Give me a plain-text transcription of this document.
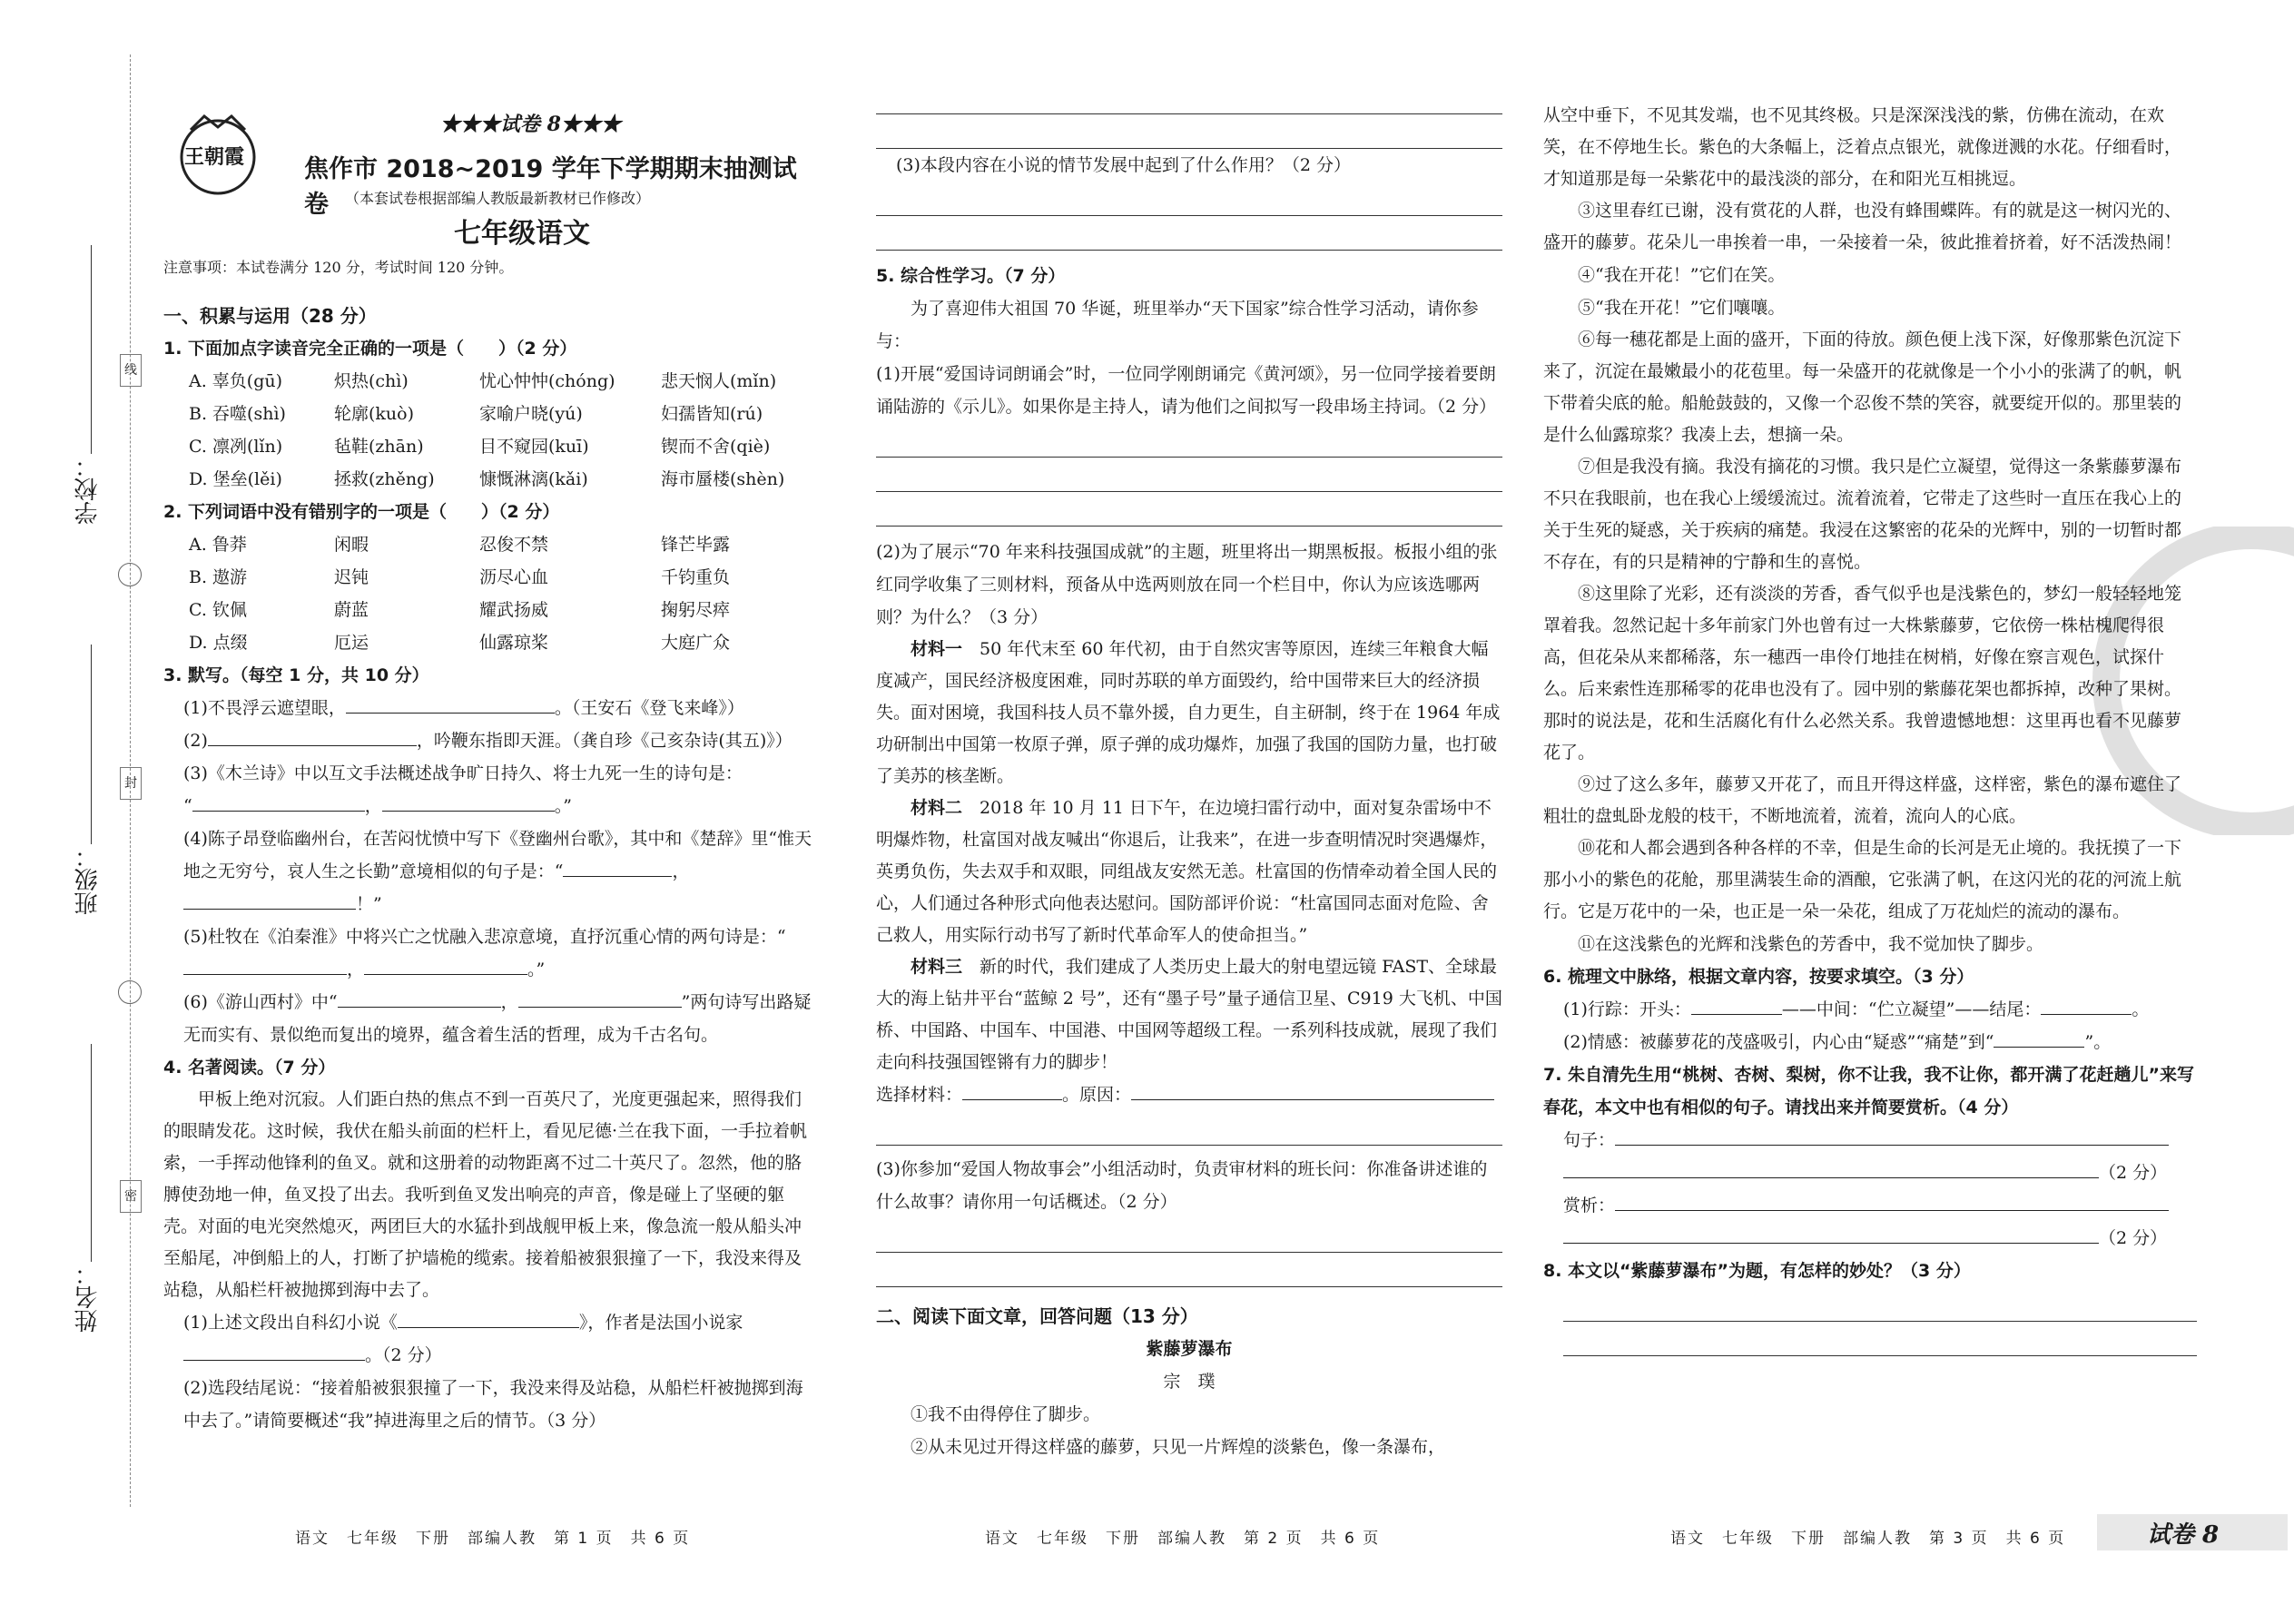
学校：
班级：
姓名：
线
封
密
王朝霞
★★★试卷 8★★★
焦作市 2018~2019 学年下学期期末抽测试卷	（本套试卷根据部编人教版最新教材已作修改）
七年级语文
注意事项：本试卷满分 120 分，考试时间 120 分钟。
一、积累与运用（28 分）
1. 下面加点字读音完全正确的一项是（　　）（2 分）
A. 辜负(gū)	炽热(chì)	忧心忡忡(chóng)	悲天悯人(mǐn)
B. 吞噬(shì)	轮廓(kuò)	家喻户晓(yú)	妇孺皆知(rú)
C. 凛冽(lǐn)	毡鞋(zhān)	目不窥园(kuī)	锲而不舍(qiè)
D. 堡垒(lěi)	拯救(zhěng)	慷慨淋漓(kǎi)	海市蜃楼(shèn)
2. 下列词语中没有错别字的一项是（　　）（2 分）
A. 鲁莽	闲暇	忍俊不禁	锋芒毕露
B. 遨游	迟钝	沥尽心血	千钧重负
C. 钦佩	蔚蓝	耀武扬威	掬躬尽瘁
D. 点缀	厄运	仙露琼桨	大庭广众
3. 默写。（每空 1 分，共 10 分）
(1)不畏浮云遮望眼，	。（王安石《登飞来峰》）
(2)	，吟鞭东指即天涯。（龚自珍《己亥杂诗(其五)》）
(3)《木兰诗》中以互文手法概述战争旷日持久、将士九死一生的诗句是：
“	，	。”
(4)陈子昂登临幽州台，在苦闷忧愤中写下《登幽州台歌》，其中和《楚辞》里“惟天地之无穷兮，哀人生之长勤”意境相似的句子是：“	，！”
(5)杜牧在《泊秦淮》中将兴亡之忧融入悲凉意境，直抒沉重心情的两句诗是：“，	。”
(6)《游山西村》中“	，	”两句诗写出路疑无而实有、景似绝而复出的境界，蕴含着生活的哲理，成为千古名句。
4. 名著阅读。（7 分）
甲板上绝对沉寂。人们距白热的焦点不到一百英尺了，光度更强起来，照得我们的眼睛发花。这时候，我伏在船头前面的栏杆上，看见尼德·兰在我下面，一手拉着帆索，一手挥动他锋利的鱼叉。就和这册着的动物距离不过二十英尺了。忽然，他的胳膊使劲地一伸，鱼叉投了出去。我听到鱼叉发出响亮的声音，像是碰上了坚硬的躯壳。对面的电光突然熄灭，两团巨大的水猛扑到战舰甲板上来，像急流一般从船头冲至船尾，冲倒船上的人，打断了护墙桅的缆索。接着船被狠狠撞了一下，我没来得及站稳，从船栏杆被抛掷到海中去了。
(1)上述文段出自科幻小说《	》，作者是法国小说家
。（2 分）
(2)选段结尾说：“接着船被狠狠撞了一下，我没来得及站稳，从船栏杆被抛掷到海中去了。”请简要概述“我”掉进海里之后的情节。（3 分）
语文　七年级　下册　部编人教　第 1 页　共 6 页
(3)本段内容在小说的情节发展中起到了什么作用？（2 分）
5. 综合性学习。（7 分）
为了喜迎伟大祖国 70 华诞，班里举办“天下国家”综合性学习活动，请你参与：
(1)开展“爱国诗词朗诵会”时，一位同学刚朗诵完《黄河颂》，另一位同学接着要朗诵陆游的《示儿》。如果你是主持人，请为他们之间拟写一段串场主持词。（2 分）
(2)为了展示“70 年来科技强国成就”的主题，班里将出一期黑板报。板报小组的张红同学收集了三则材料，预备从中选两则放在同一个栏目中，你认为应该选哪两则？为什么？（3 分）
材料一　 50 年代末至 60 年代初，由于自然灾害等原因，连续三年粮食大幅度减产，国民经济极度困难，同时苏联的单方面毁约，给中国带来巨大的经济损失。面对困境，我国科技人员不靠外援，自力更生，自主研制，终于在 1964 年成功研制出中国第一枚原子弹，原子弹的成功爆炸，加强了我国的国防力量，也打破了美苏的核垄断。
材料二　 2018 年 10 月 11 日下午，在边境扫雷行动中，面对复杂雷场中不明爆炸物，杜富国对战友喊出“你退后，让我来”，在进一步查明情况时突遇爆炸，英勇负伤，失去双手和双眼，同组战友安然无恙。杜富国的伤情牵动着全国人民的心，人们通过各种形式向他表达慰问。国防部评价说：“杜富国同志面对危险、舍己救人，用实际行动书写了新时代革命军人的使命担当。”
材料三　 新的时代，我们建成了人类历史上最大的射电望远镜 FAST、全球最大的海上钻井平台“蓝鲸 2 号”，还有“墨子号”量子通信卫星、C919 大飞机、中国桥、中国路、中国车、中国港、中国网等超级工程。一系列科技成就，展现了我们走向科技强国铿锵有力的脚步！
选择材料：	。原因：
(3)你参加“爱国人物故事会”小组活动时，负责审材料的班长问：你准备讲述谁的什么故事？请你用一句话概述。（2 分）
二、阅读下面文章，回答问题（13 分）
紫藤萝瀑布
宗　璞
①我不由得停住了脚步。
②从未见过开得这样盛的藤萝，只见一片辉煌的淡紫色，像一条瀑布，
语文　七年级　下册　部编人教　第 2 页　共 6 页
从空中垂下，不见其发端，也不见其终极。只是深深浅浅的紫，仿佛在流动，在欢笑，在不停地生长。紫色的大条幅上，泛着点点银光，就像迸溅的水花。仔细看时，才知道那是每一朵紫花中的最浅淡的部分，在和阳光互相挑逗。
③这里春红已谢，没有赏花的人群，也没有蜂围蝶阵。有的就是这一树闪光的、盛开的藤萝。花朵儿一串挨着一串，一朵接着一朵，彼此推着挤着，好不活泼热闹！
④“我在开花！”它们在笑。
⑤“我在开花！”它们嚷嚷。
⑥每一穗花都是上面的盛开，下面的待放。颜色便上浅下深，好像那紫色沉淀下来了，沉淀在最嫩最小的花苞里。每一朵盛开的花就像是一个小小的张满了的帆，帆下带着尖底的舱。船舱鼓鼓的，又像一个忍俊不禁的笑容，就要绽开似的。那里装的是什么仙露琼浆？我凑上去，想摘一朵。
⑦但是我没有摘。我没有摘花的习惯。我只是伫立凝望，觉得这一条紫藤萝瀑布不只在我眼前，也在我心上缓缓流过。流着流着，它带走了这些时一直压在我心上的关于生死的疑惑，关于疾病的痛楚。我浸在这繁密的花朵的光辉中，别的一切暂时都不存在，有的只是精神的宁静和生的喜悦。
⑧这里除了光彩，还有淡淡的芳香，香气似乎也是浅紫色的，梦幻一般轻轻地笼罩着我。忽然记起十多年前家门外也曾有过一大株紫藤萝，它依傍一株枯槐爬得很高，但花朵从来都稀落，东一穗西一串伶仃地挂在树梢，好像在察言观色，试探什么。后来索性连那稀零的花串也没有了。园中别的紫藤花架也都拆掉，改种了果树。那时的说法是，花和生活腐化有什么必然关系。我曾遗憾地想：这里再也看不见藤萝花了。
⑨过了这么多年，藤萝又开花了，而且开得这样盛，这样密，紫色的瀑布遮住了粗壮的盘虬卧龙般的枝干，不断地流着，流着，流向人的心底。
⑩花和人都会遇到各种各样的不幸，但是生命的长河是无止境的。我抚摸了一下那小小的紫色的花舱，那里满装生命的酒酿，它张满了帆，在这闪光的花的河流上航行。它是万花中的一朵，也正是一朵一朵花，组成了万花灿烂的流动的瀑布。
⑪在这浅紫色的光辉和浅紫色的芳香中，我不觉加快了脚步。
6. 梳理文中脉络，根据文章内容，按要求填空。（3 分）
(1)行踪：开头：	——中间：“伫立凝望”——结尾：	。
(2)情感：被藤萝花的茂盛吸引，内心由“疑惑”“痛楚”到“	”。
7. 朱自清先生用“桃树、杏树、梨树，你不让我，我不让你，都开满了花赶趟儿”来写春花，本文中也有相似的句子。请找出来并简要赏析。（4 分）
句子：
（2 分）
赏析：
（2 分）
8. 本文以“紫藤萝瀑布”为题，有怎样的妙处？（3 分）
语文　七年级　下册　部编人教　第 3 页　共 6 页	试卷 8
